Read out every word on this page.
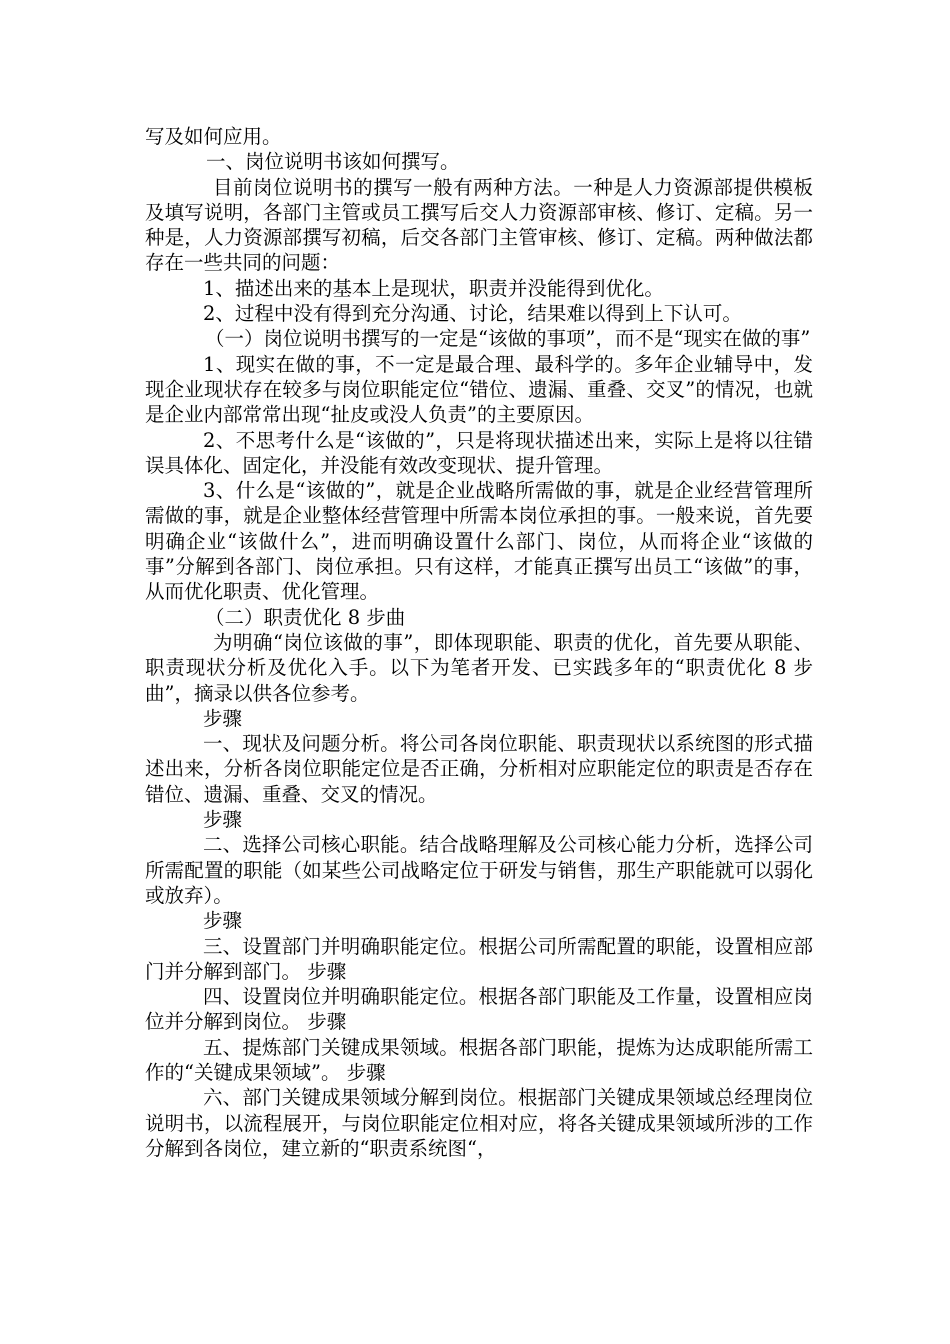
写及如何应用。

一、岗位说明书该如何撰写。

目前岗位说明书的撰写一般有两种方法。一种是人力资源部提供模板及填写说明，各部门主管或员工撰写后交人力资源部审核、修订、定稿。另一种是，人力资源部撰写初稿，后交各部门主管审核、修订、定稿。两种做法都存在一些共同的问题：

1、描述出来的基本上是现状，职责并没能得到优化。

2、过程中没有得到充分沟通、讨论，结果难以得到上下认可。

（一）岗位说明书撰写的一定是“该做的事项”，而不是“现实在做的事”

1、现实在做的事，不一定是最合理、最科学的。多年企业辅导中，发现企业现状存在较多与岗位职能定位“错位、遗漏、重叠、交叉”的情况，也就是企业内部常常出现“扯皮或没人负责”的主要原因。

2、不思考什么是“该做的”，只是将现状描述出来，实际上是将以往错误具体化、固定化，并没能有效改变现状、提升管理。

3、什么是“该做的”，就是企业战略所需做的事，就是企业经营管理所需做的事，就是企业整体经营管理中所需本岗位承担的事。一般来说，首先要明确企业“该做什么”，进而明确设置什么部门、岗位，从而将企业“该做的事”分解到各部门、岗位承担。只有这样，才能真正撰写出员工“该做”的事，从而优化职责、优化管理。

（二）职责优化 8 步曲

为明确“岗位该做的事”，即体现职能、职责的优化，首先要从职能、职责现状分析及优化入手。以下为笔者开发、已实践多年的“职责优化 8 步曲”，摘录以供各位参考。

步骤

一、现状及问题分析。将公司各岗位职能、职责现状以系统图的形式描述出来，分析各岗位职能定位是否正确，分析相对应职能定位的职责是否存在错位、遗漏、重叠、交叉的情况。

步骤

二、选择公司核心职能。结合战略理解及公司核心能力分析，选择公司所需配置的职能（如某些公司战略定位于研发与销售，那生产职能就可以弱化或放弃）。

步骤

三、设置部门并明确职能定位。根据公司所需配置的职能，设置相应部门并分解到部门。 步骤

四、设置岗位并明确职能定位。根据各部门职能及工作量，设置相应岗位并分解到岗位。 步骤

五、提炼部门关键成果领域。根据各部门职能，提炼为达成职能所需工作的“关键成果领域”。 步骤

六、部门关键成果领域分解到岗位。根据部门关键成果领域总经理岗位说明书，以流程展开，与岗位职能定位相对应，将各关键成果领域所涉的工作分解到各岗位，建立新的“职责系统图“，
